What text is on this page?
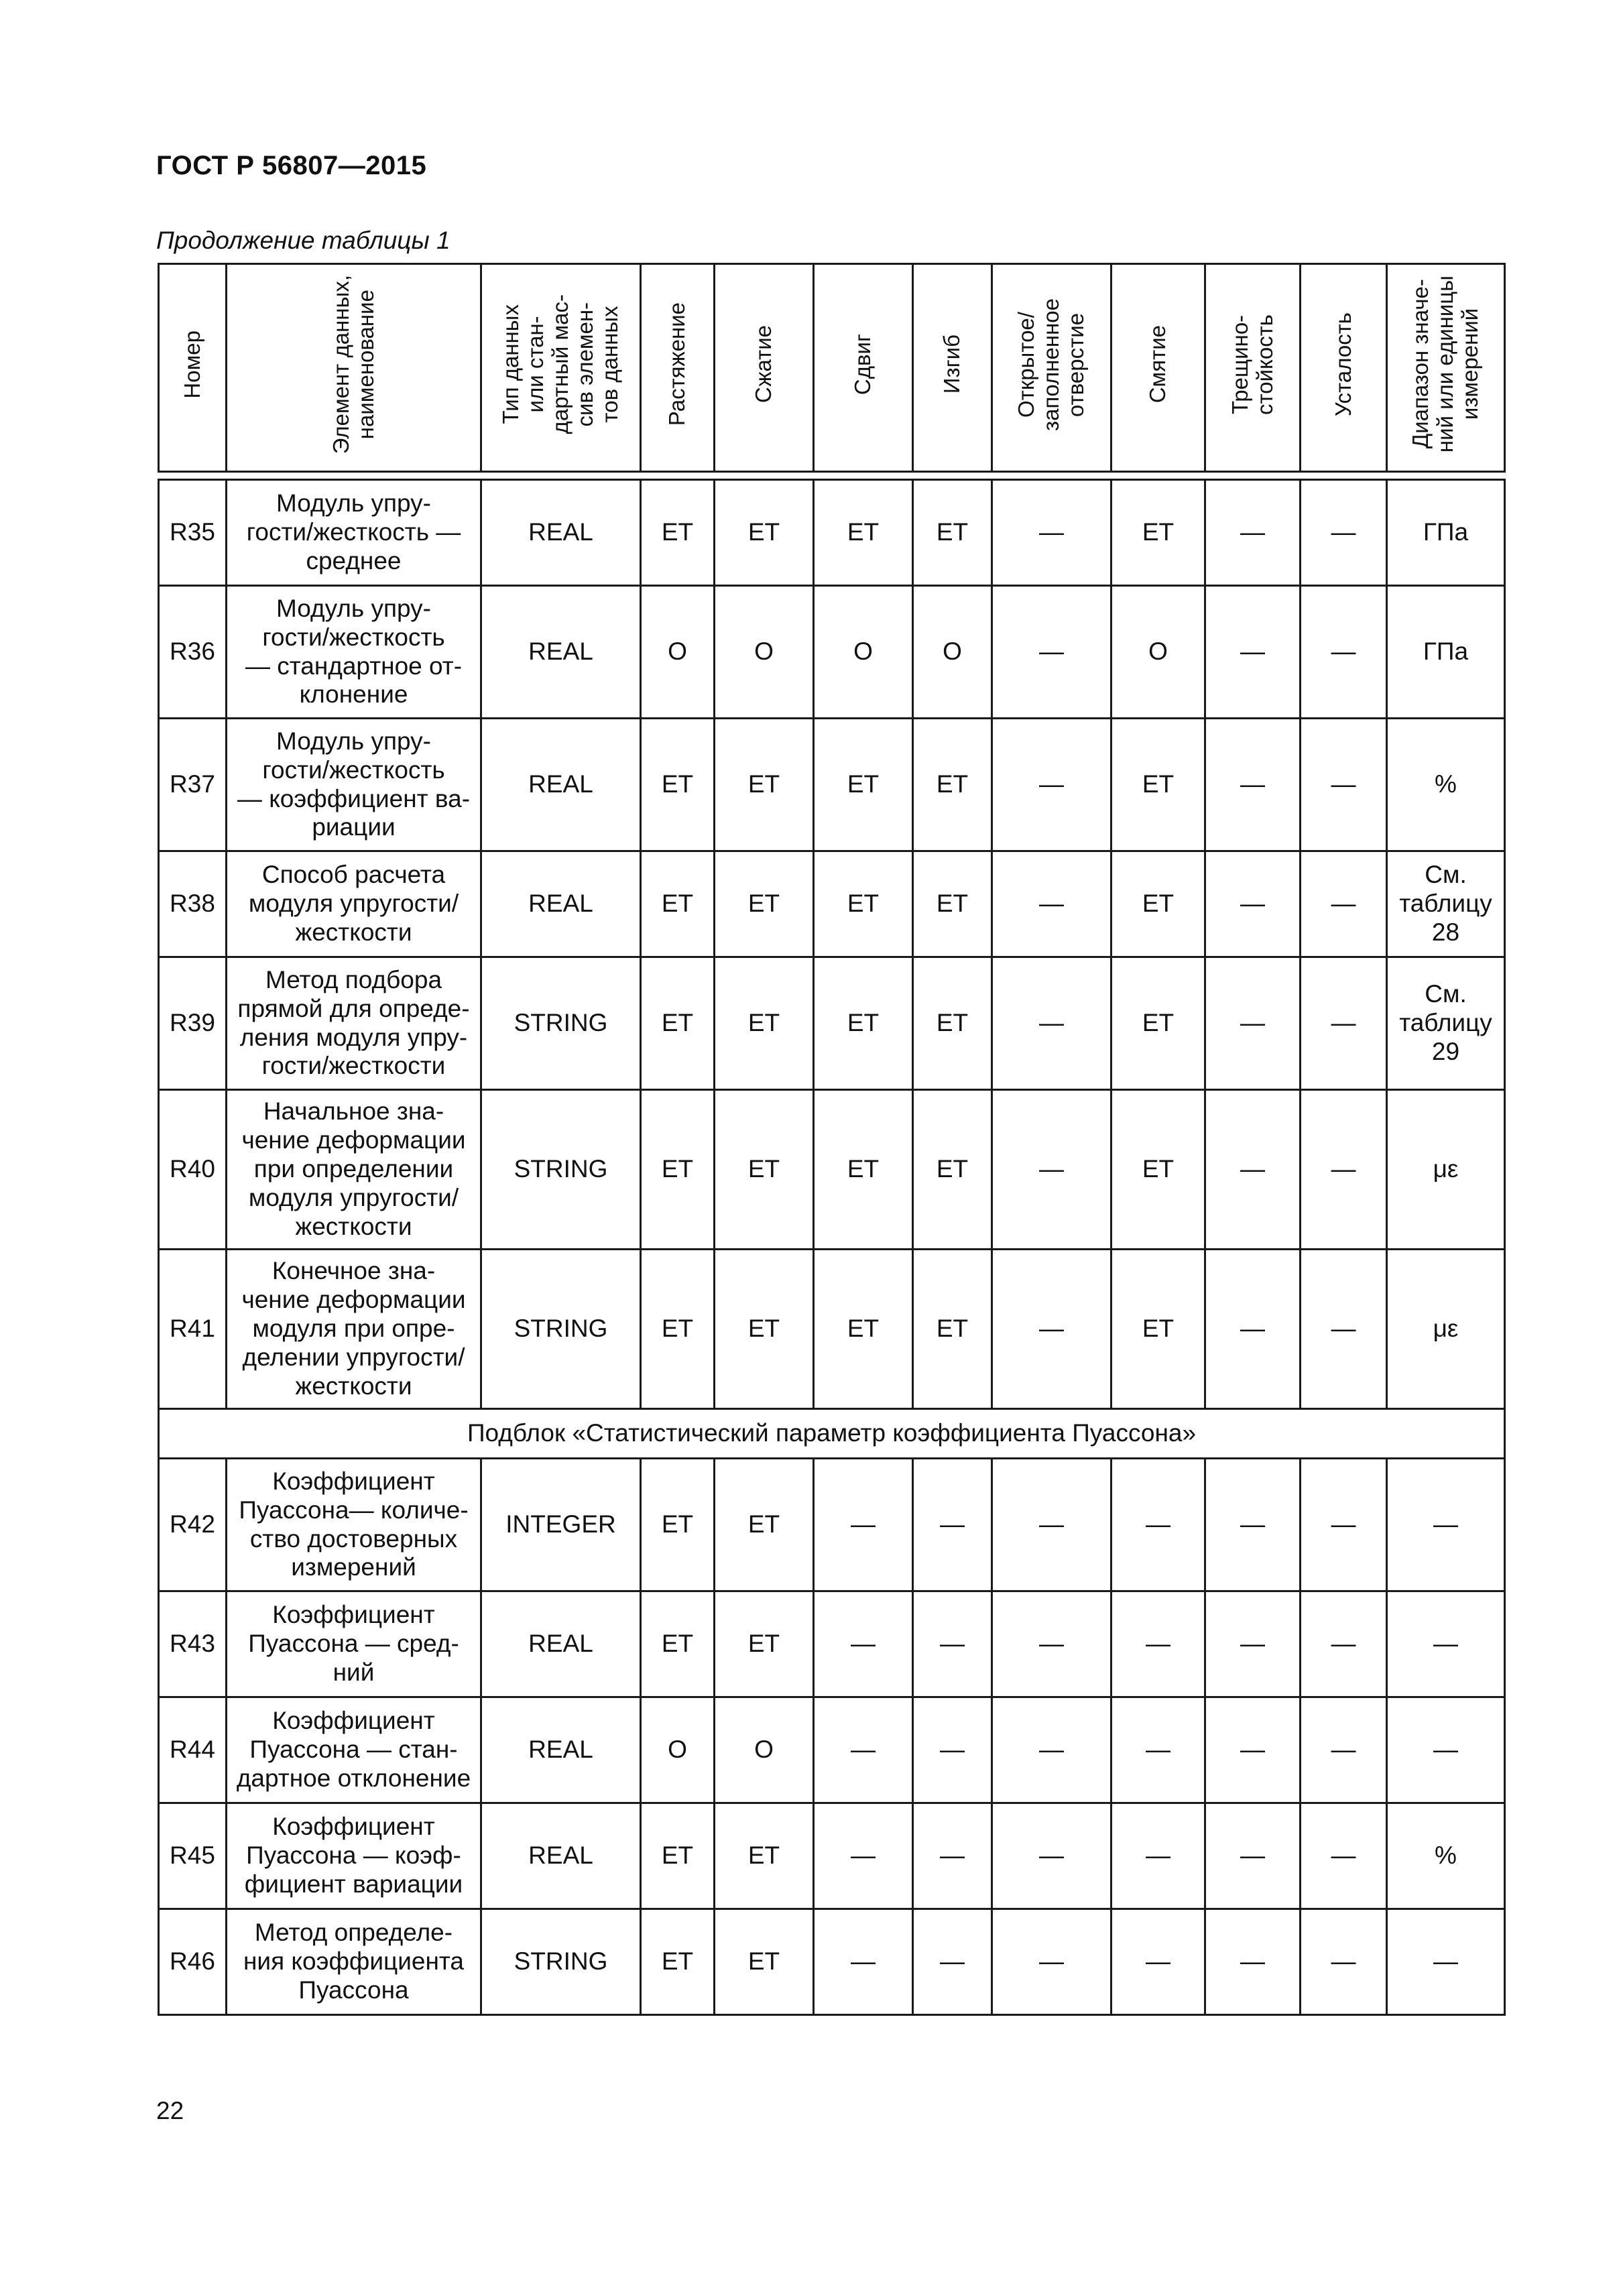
ГОСТ Р 56807—2015
Продолжение таблицы 1
Номер	Элемент данных,
наименование	Тип данных
или стан-
дартный мас-
сив элемен-
тов данных	Растяжение	Сжатие	Сдвиг	Изгиб	Открытое/
заполненное
отверстие	Смятие	Трещино-
стойкость	Усталость	Диапазон значе-
ний или единицы
измерений

R35	Модуль упру-
гости/жесткость —
среднее	REAL	ET	ET	ET	ET	—	ET	—	—	ГПа
R36	Модуль упру-
гости/жесткость
— стандартное от-
клонение	REAL	O	O	O	O	—	O	—	—	ГПа
R37	Модуль упру-
гости/жесткость
— коэффициент ва-
риации	REAL	ET	ET	ET	ET	—	ET	—	—	%
R38	Способ расчета
модуля упругости/
жесткости	REAL	ET	ET	ET	ET	—	ET	—	—	См.
таблицу
28
R39	Метод подбора
прямой для опреде-
ления модуля упру-
гости/жесткости	STRING	ET	ET	ET	ET	—	ET	—	—	См.
таблицу
29
R40	Начальное зна-
чение деформации
при определении
модуля упругости/
жесткости	STRING	ET	ET	ET	ET	—	ET	—	—	με
R41	Конечное зна-
чение деформации
модуля при опре-
делении упругости/
жесткости	STRING	ET	ET	ET	ET	—	ET	—	—	με
Подблок «Статистический параметр коэффициента Пуассона»											
R42	Коэффициент
Пуассона— количе-
ство достоверных
измерений	INTEGER	ET	ET	—	—	—	—	—	—	—
R43	Коэффициент
Пуассона — сред-
ний	REAL	ET	ET	—	—	—	—	—	—	—
R44	Коэффициент
Пуассона — стан-
дартное отклонение	REAL	O	O	—	—	—	—	—	—	—
R45	Коэффициент
Пуассона — коэф-
фициент вариации	REAL	ET	ET	—	—	—	—	—	—	%
R46	Метод определе-
ния коэффициента
Пуассона	STRING	ET	ET	—	—	—	—	—	—	—
22
